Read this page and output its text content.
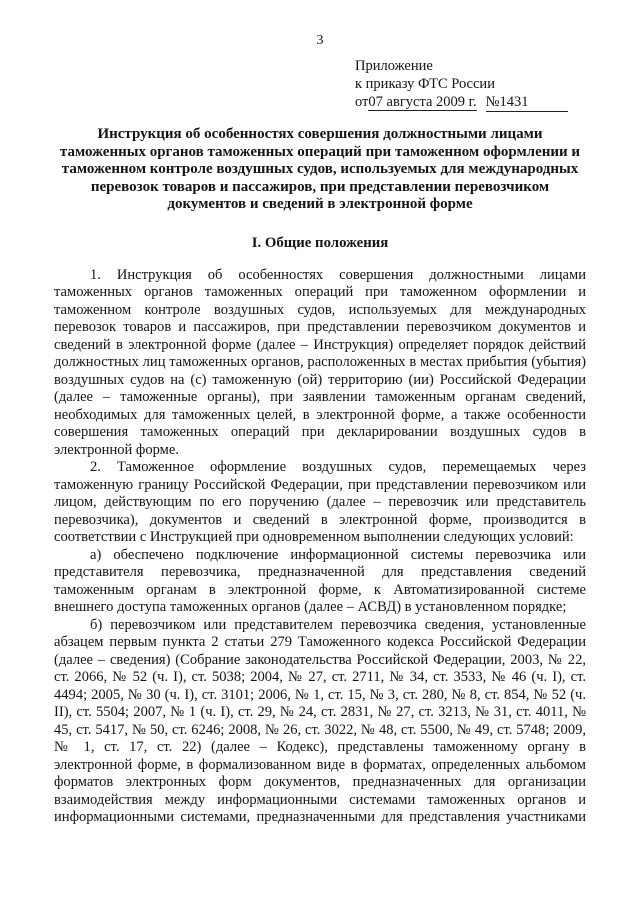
3
Приложение
к приказу ФТС России
от07 августа 2009 г. №1431
Инструкция об особенностях совершения должностными лицами таможенных органов таможенных операций при таможенном оформлении и таможенном контроле воздушных судов, используемых для международных перевозок товаров и пассажиров, при представлении перевозчиком документов и сведений в электронной форме
I. Общие положения

1. Инструкция об особенностях совершения должностными лицами таможенных органов таможенных операций при таможенном оформлении и таможенном контроле воздушных судов, используемых для международных перевозок товаров и пассажиров, при представлении перевозчиком документов и сведений в электронной форме (далее – Инструкция) определяет порядок действий должностных лиц таможенных органов, расположенных в местах прибытия (убытия) воздушных судов на (с) таможенную (ой) территорию (ии) Российской Федерации (далее – таможенные органы), при заявлении таможенным органам сведений, необходимых для таможенных целей, в электронной форме, а также особенности совершения таможенных операций при декларировании воздушных судов в электронной форме.

2. Таможенное оформление воздушных судов, перемещаемых через таможенную границу Российской Федерации, при представлении перевозчиком или лицом, действующим по его поручению (далее – перевозчик или представитель перевозчика), документов и сведений в электронной форме, производится в соответствии с Инструкцией при одновременном выполнении следующих условий:

а) обеспечено подключение информационной системы перевозчика или представителя перевозчика, предназначенной для представления сведений таможенным органам в электронной форме, к Автоматизированной системе внешнего доступа таможенных органов (далее – АСВД) в установленном порядке;

б) перевозчиком или представителем перевозчика сведения, установленные абзацем первым пункта 2 статьи 279 Таможенного кодекса Российской Федерации (далее – сведения) (Собрание законодательства Российской Федерации, 2003, № 22, ст. 2066, № 52 (ч. I), ст. 5038; 2004, № 27, ст. 2711, № 34, ст. 3533, № 46 (ч. I), ст. 4494; 2005, № 30 (ч. I), ст. 3101; 2006, № 1, ст. 15, № 3, ст. 280, № 8, ст. 854, № 52 (ч. II), ст. 5504; 2007, № 1 (ч. I), ст. 29, № 24, ст. 2831, № 27, ст. 3213, № 31, ст. 4011, № 45, ст. 5417, № 50, ст. 6246; 2008, № 26, ст. 3022, № 48, ст. 5500, № 49, ст. 5748; 2009, № 1, ст. 17, ст. 22) (далее – Кодекс), представлены таможенному органу в электронной форме, в формализованном виде в форматах, определенных альбомом форматов электронных форм документов, предназначенных для организации взаимодействия между информационными системами таможенных органов и информационными системами, предназначенными для представления участниками
